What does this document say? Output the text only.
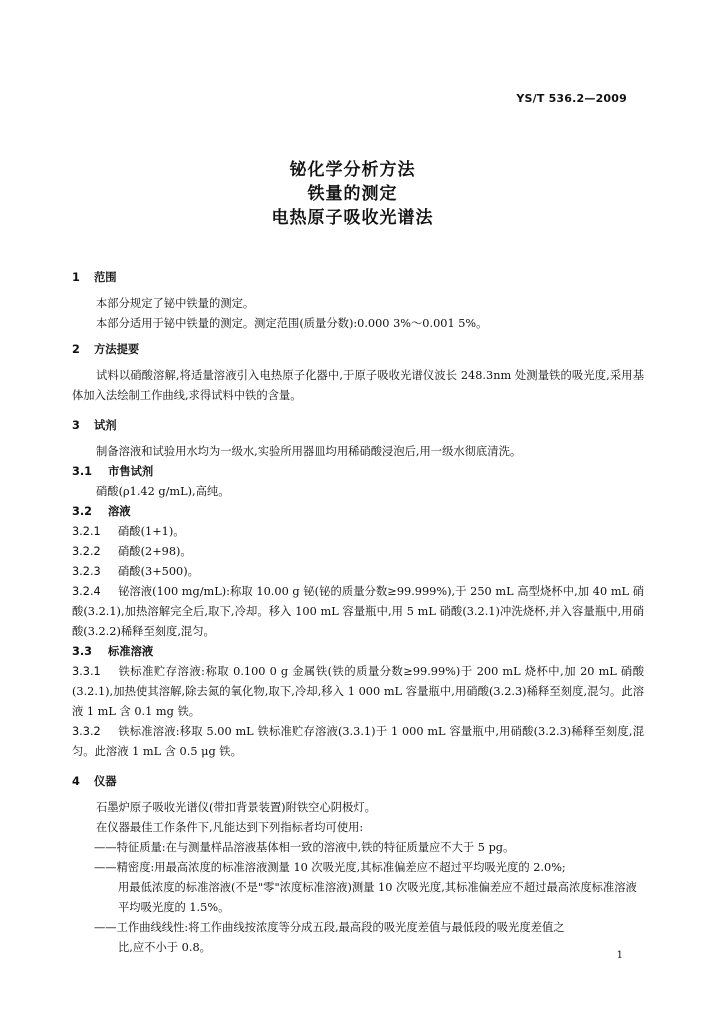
YS/T 536.2—2009
铋化学分析方法
铁量的测定
电热原子吸收光谱法
1 范围
本部分规定了铋中铁量的测定。
本部分适用于铋中铁量的测定。测定范围(质量分数):0.000 3%～0.001 5%。
2 方法提要
试料以硝酸溶解,将适量溶液引入电热原子化器中,于原子吸收光谱仪波长 248.3nm 处测量铁的吸光度,采用基体加入法绘制工作曲线,求得试料中铁的含量。
3 试剂
制备溶液和试验用水均为一级水,实验所用器皿均用稀硝酸浸泡后,用一级水彻底清洗。
3.1 市售试剂
硝酸(ρ1.42 g/mL),高纯。
3.2 溶液
3.2.1 硝酸(1+1)。
3.2.2 硝酸(2+98)。
3.2.3 硝酸(3+500)。
3.2.4 铋溶液(100 mg/mL):称取 10.00 g 铋(铋的质量分数≥99.999%),于 250 mL 高型烧杯中,加 40 mL 硝酸(3.2.1),加热溶解完全后,取下,冷却。移入 100 mL 容量瓶中,用 5 mL 硝酸(3.2.1)冲洗烧杯,并入容量瓶中,用硝酸(3.2.2)稀释至刻度,混匀。
3.3 标准溶液
3.3.1 铁标准贮存溶液:称取 0.100 0 g 金属铁(铁的质量分数≥99.99%)于 200 mL 烧杯中,加 20 mL 硝酸(3.2.1),加热使其溶解,除去氮的氧化物,取下,冷却,移入 1 000 mL 容量瓶中,用硝酸(3.2.3)稀释至刻度,混匀。此溶液 1 mL 含 0.1 mg 铁。
3.3.2 铁标准溶液:移取 5.00 mL 铁标准贮存溶液(3.3.1)于 1 000 mL 容量瓶中,用硝酸(3.2.3)稀释至刻度,混匀。此溶液 1 mL 含 0.5 μg 铁。
4 仪器
石墨炉原子吸收光谱仪(带扣背景装置)附铁空心阴极灯。
在仪器最佳工作条件下,凡能达到下列指标者均可使用:
——特征质量:在与测量样品溶液基体相一致的溶液中,铁的特征质量应不大于 5 pg。
——精密度:用最高浓度的标准溶液测量 10 次吸光度,其标准偏差应不超过平均吸光度的 2.0%;
用最低浓度的标准溶液(不是"零"浓度标准溶液)测量 10 次吸光度,其标准偏差应不超过最高浓度标准溶液平均吸光度的 1.5%。
——工作曲线线性:将工作曲线按浓度等分成五段,最高段的吸光度差值与最低段的吸光度差值之
比,应不小于 0.8。
1
